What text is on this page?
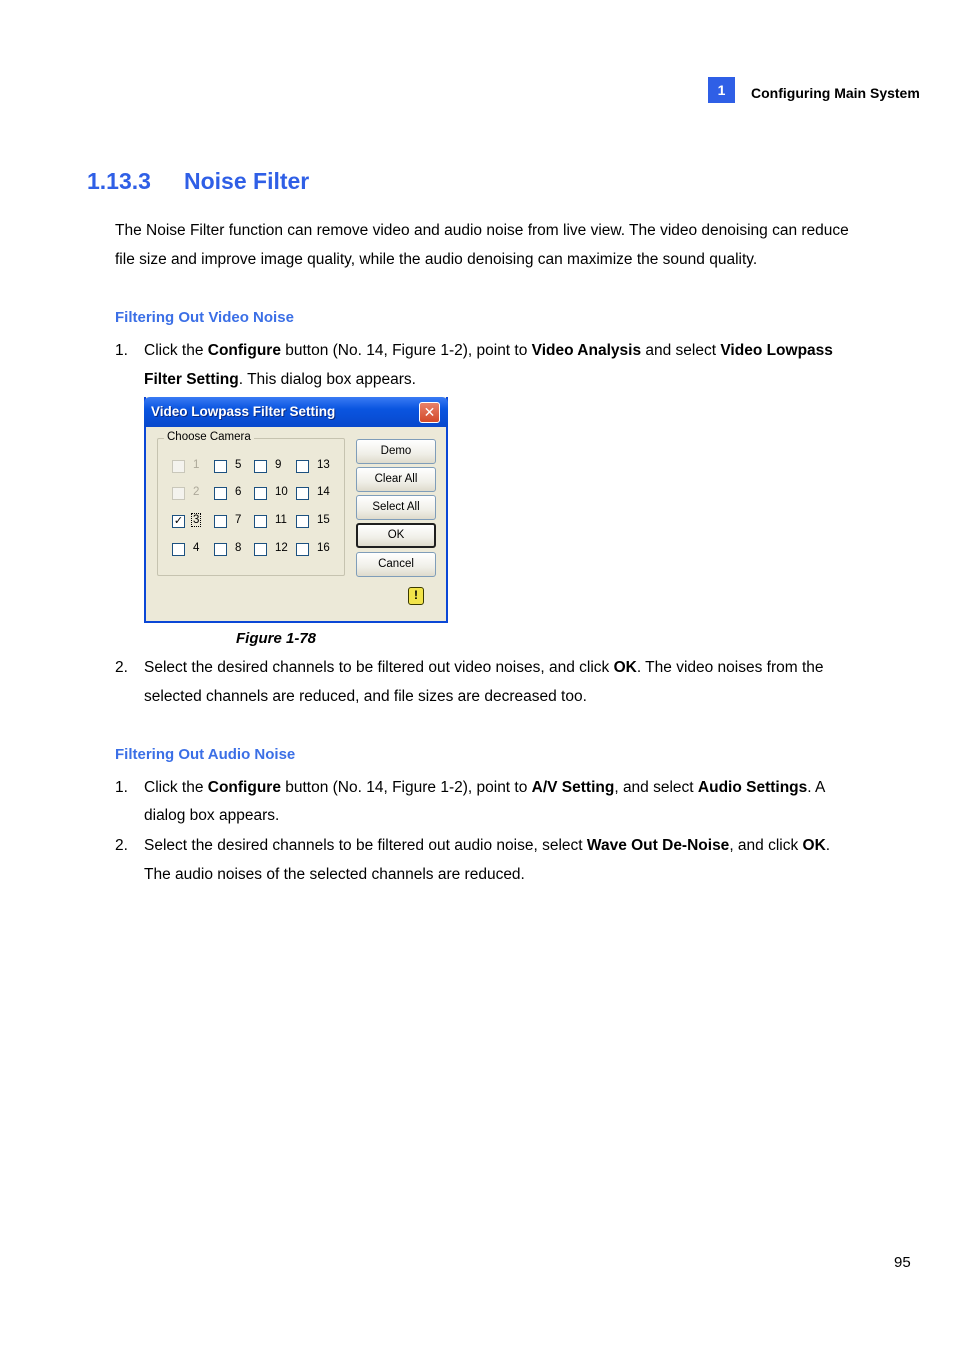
1	Configuring Main System
1.13.3 Noise Filter
The Noise Filter function can remove video and audio noise from live view. The video denoising can reduce file size and improve image quality, while the audio denoising can maximize the sound quality.
Filtering Out Video Noise
1. Click the Configure button (No. 14, Figure 1-2), point to Video Analysis and select Video Lowpass Filter Setting. This dialog box appears.
Video Lowpass Filter Setting	✕
Choose Camera
1
2
✓ 3
4
5
6
7
8
9
10
11
12
13
14
15
16
Demo
Clear All
Select All
OK
Cancel
!
Figure 1-78
2. Select the desired channels to be filtered out video noises, and click OK. The video noises from the selected channels are reduced, and file sizes are decreased too.
Filtering Out Audio Noise
1. Click the Configure button (No. 14, Figure 1-2), point to A/V Setting, and select Audio Settings. A dialog box appears.
2. Select the desired channels to be filtered out audio noise, select Wave Out De-Noise, and click OK. The audio noises of the selected channels are reduced.
95
